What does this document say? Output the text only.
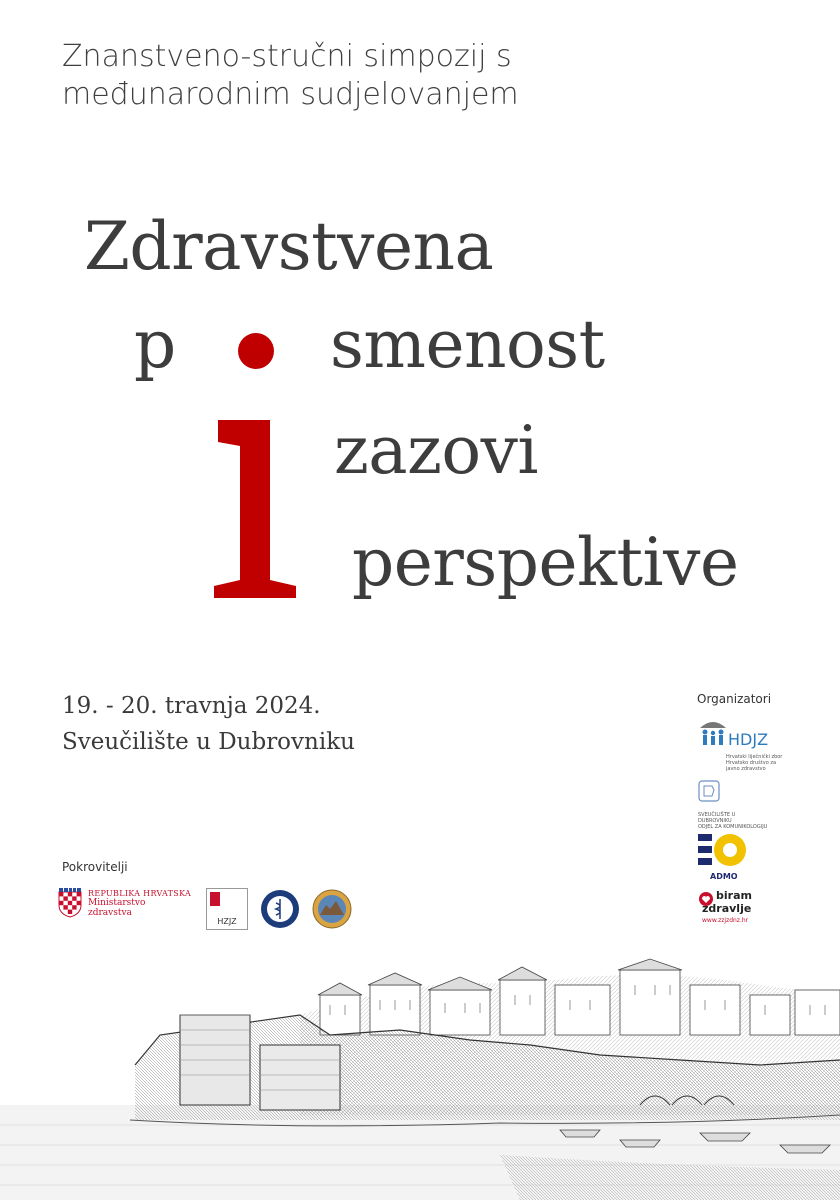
Znanstveno-stručni simpozij s
međunarodnim sudjelovanjem
Zdravstvena
p smenost
zazovi
perspektive
19. - 20. travnja 2024.
Sveučilište u Dubrovniku
Pokrovitelji
REPUBLIKA HRVATSKA
Ministarstvo
zdravstva
HZJZ
Organizatori
HDJZ
Hrvatski liječnički zbor
Hrvatsko društvo za javno zdravstvo
SVEUČILIŠTE U DUBROVNIKU
ODJEL ZA KOMUNIKOLOGIJU
ADMO
biram
zdravlje
www.zzjzdnz.hr
